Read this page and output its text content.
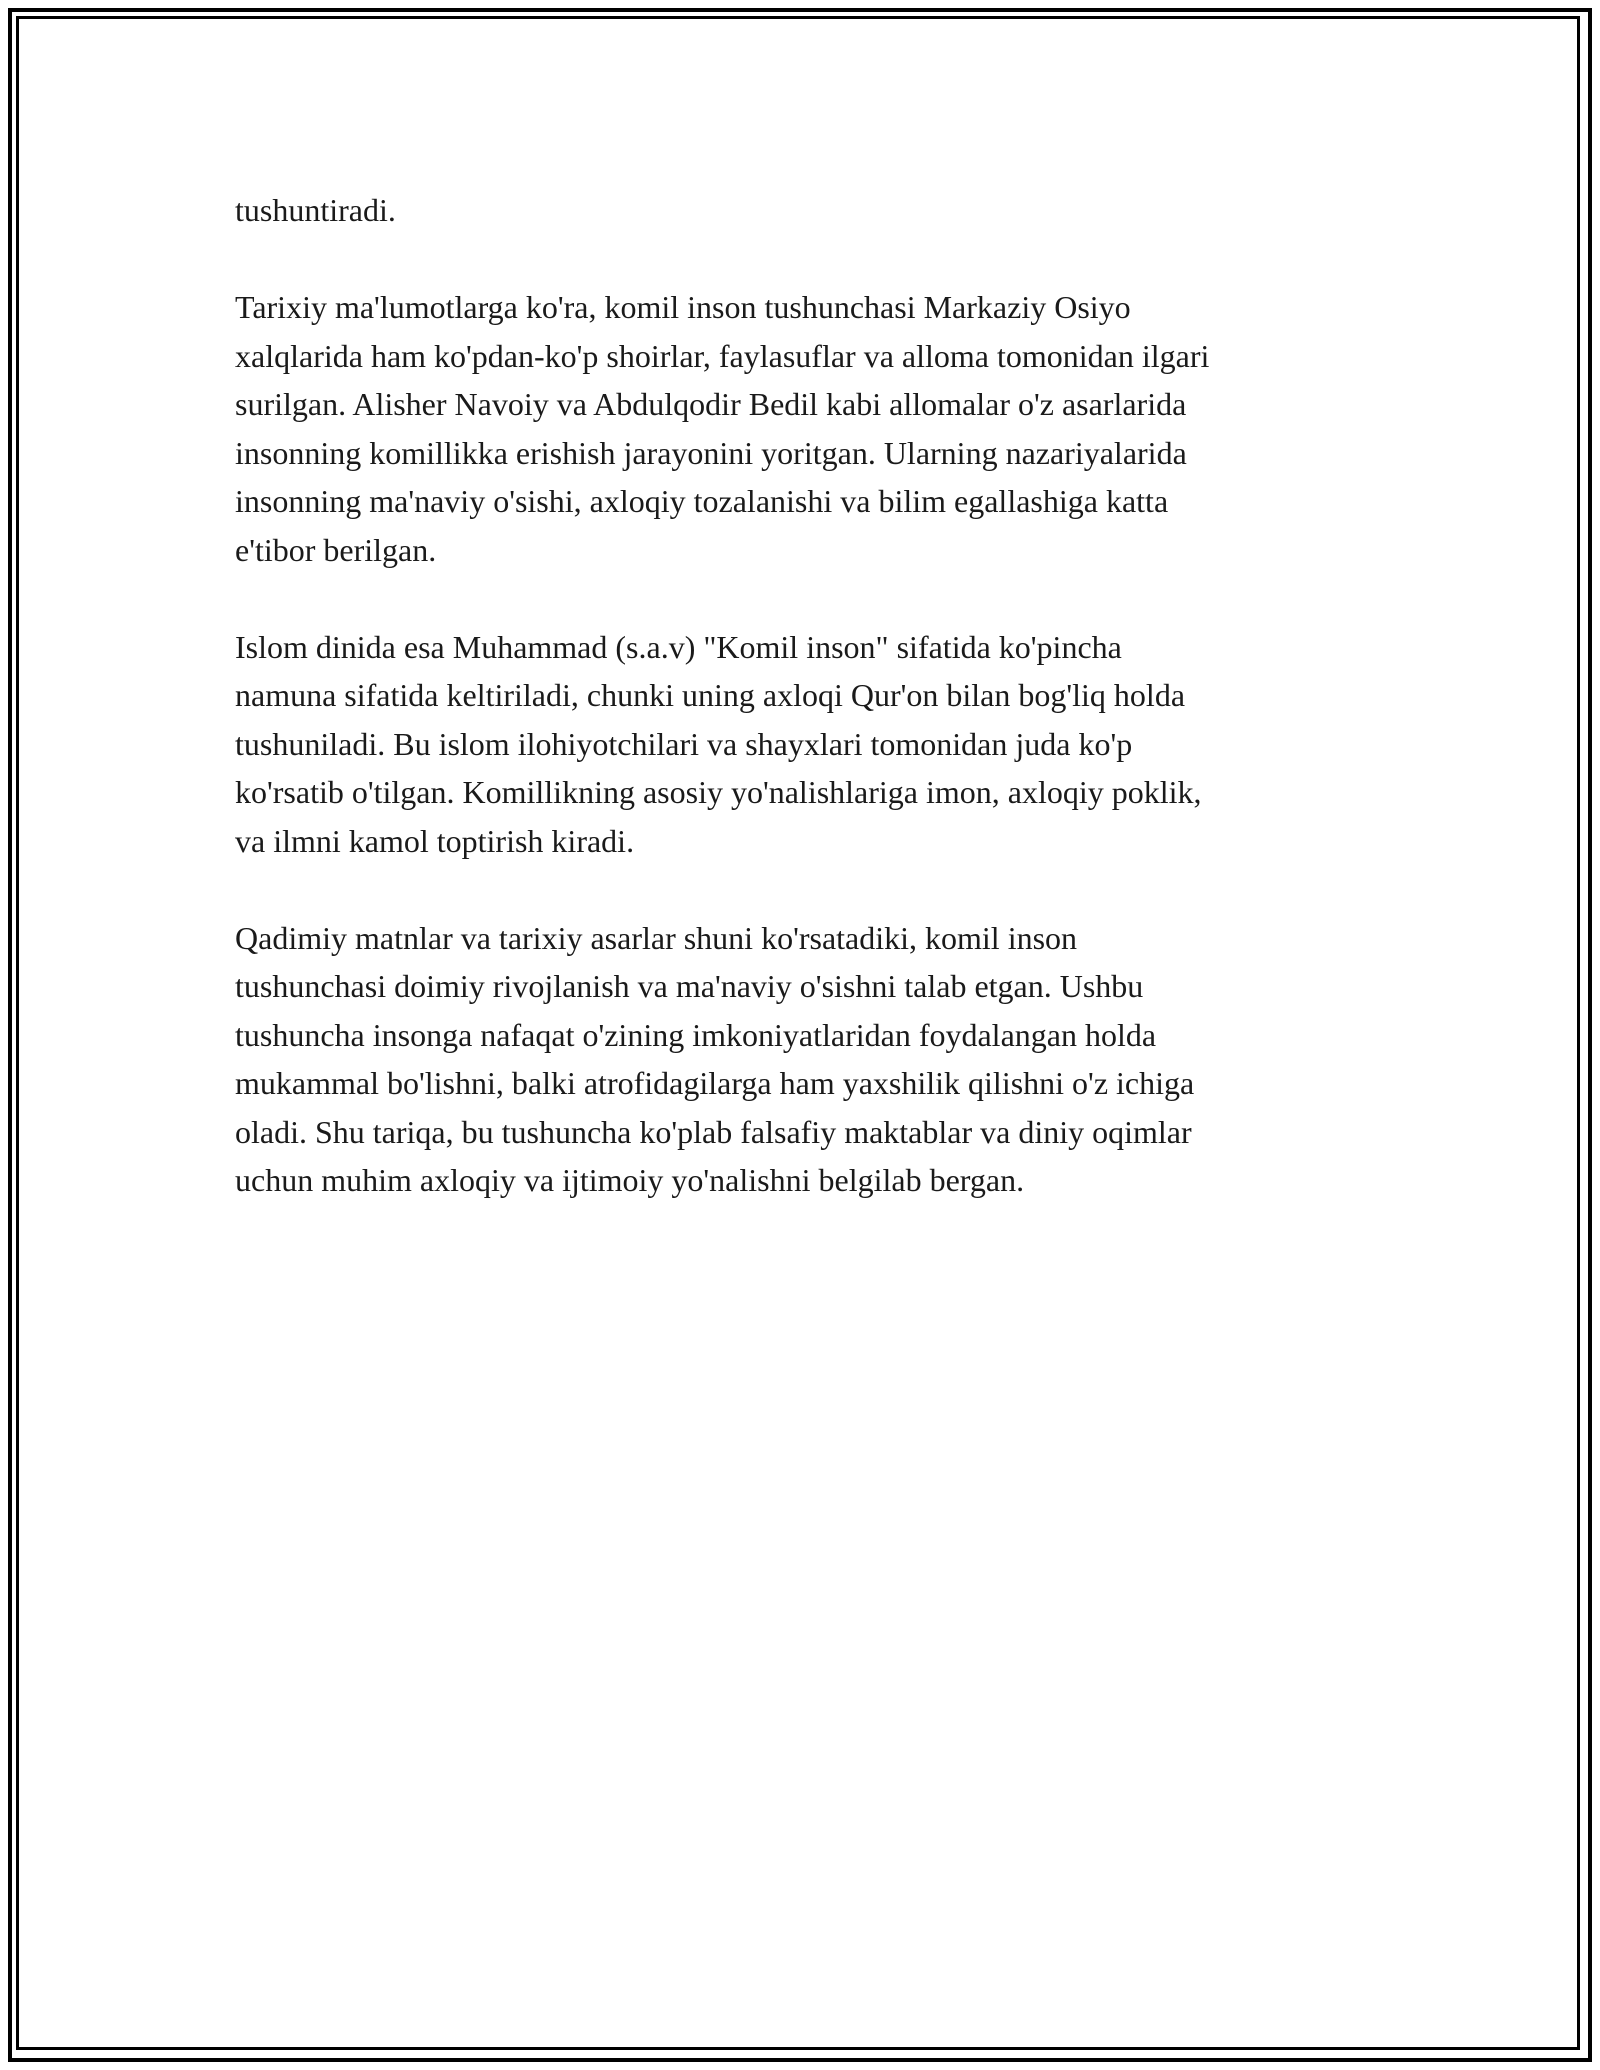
tushuntiradi.

Tarixiy ma'lumotlarga ko'ra, komil inson tushunchasi Markaziy Osiyo
xalqlarida ham ko'pdan-ko'p shoirlar, faylasuflar va alloma tomonidan ilgari
surilgan. Alisher Navoiy va Abdulqodir Bedil kabi allomalar o'z asarlarida
insonning komillikka erishish jarayonini yoritgan. Ularning nazariyalarida
insonning ma'naviy o'sishi, axloqiy tozalanishi va bilim egallashiga katta
e'tibor berilgan.

Islom dinida esa Muhammad (s.a.v) "Komil inson" sifatida ko'pincha
namuna sifatida keltiriladi, chunki uning axloqi Qur'on bilan bog'liq holda
tushuniladi. Bu islom ilohiyotchilari va shayxlari tomonidan juda ko'p
ko'rsatib o'tilgan. Komillikning asosiy yo'nalishlariga imon, axloqiy poklik,
va ilmni kamol toptirish kiradi.

Qadimiy matnlar va tarixiy asarlar shuni ko'rsatadiki, komil inson
tushunchasi doimiy rivojlanish va ma'naviy o'sishni talab etgan. Ushbu
tushuncha insonga nafaqat o'zining imkoniyatlaridan foydalangan holda
mukammal bo'lishni, balki atrofidagilarga ham yaxshilik qilishni o'z ichiga
oladi. Shu tariqa, bu tushuncha ko'plab falsafiy maktablar va diniy oqimlar
uchun muhim axloqiy va ijtimoiy yo'nalishni belgilab bergan.
